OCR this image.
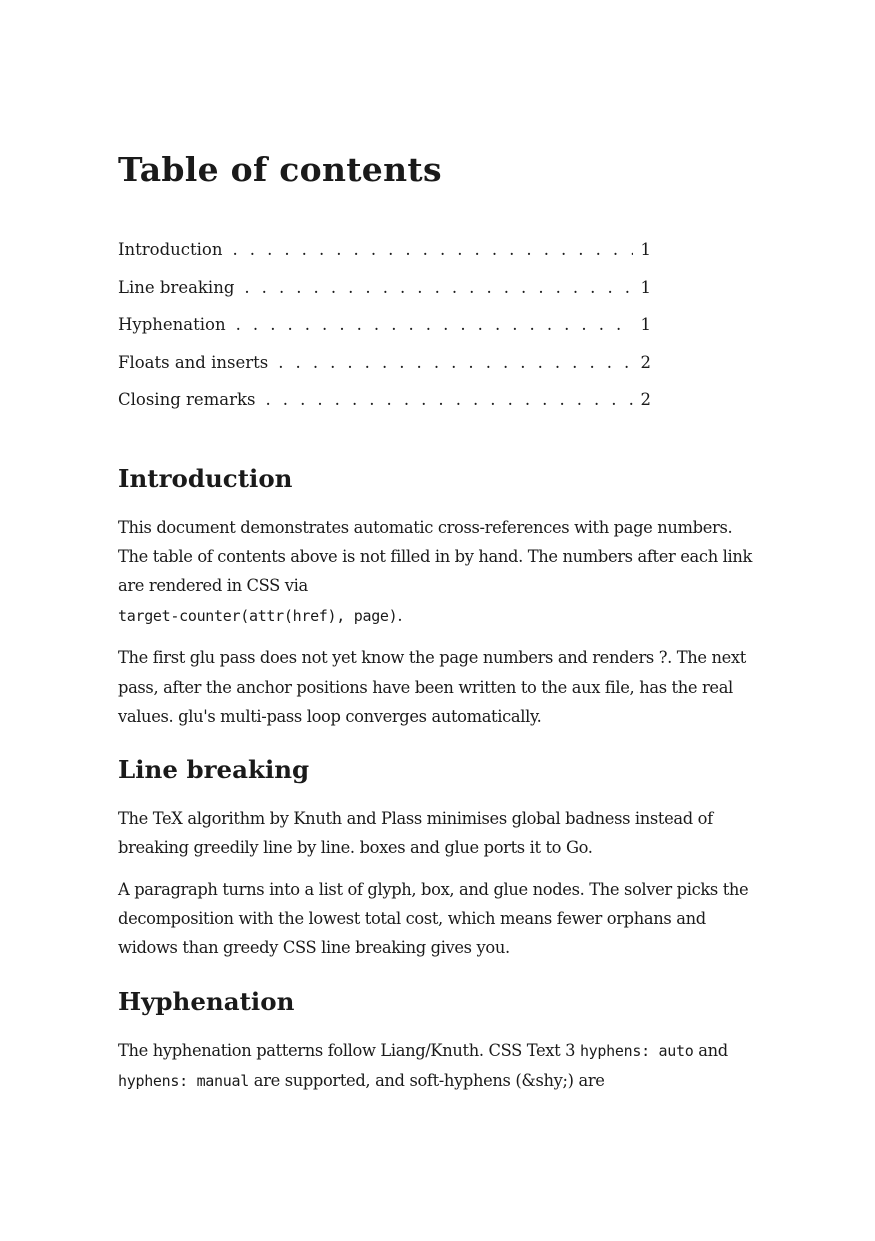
Table of contents
Introduction . . .	1
Line breaking . . .	1
Hyphenation . . .	1
Floats and inserts . . .	2
Closing remarks . . .	2
Introduction

This document demonstrates automatic cross-references with page numbers. The table of contents above is not filled in by hand. The numbers after each link are rendered in CSS via
target-counter(attr(href), page).

The first glu pass does not yet know the page numbers and renders ?. The next pass, after the anchor positions have been written to the aux file, has the real values. glu's multi-pass loop converges automatically.

Line breaking

The TeX algorithm by Knuth and Plass minimises global badness instead of breaking greedily line by line. boxes and glue ports it to Go.

A paragraph turns into a list of glyph, box, and glue nodes. The solver picks the decomposition with the lowest total cost, which means fewer orphans and widows than greedy CSS line breaking gives you.

Hyphenation

The hyphenation patterns follow Liang/Knuth. CSS Text 3 hyphens: auto and hyphens: manual are supported, and soft-hyphens (&shy;) are
